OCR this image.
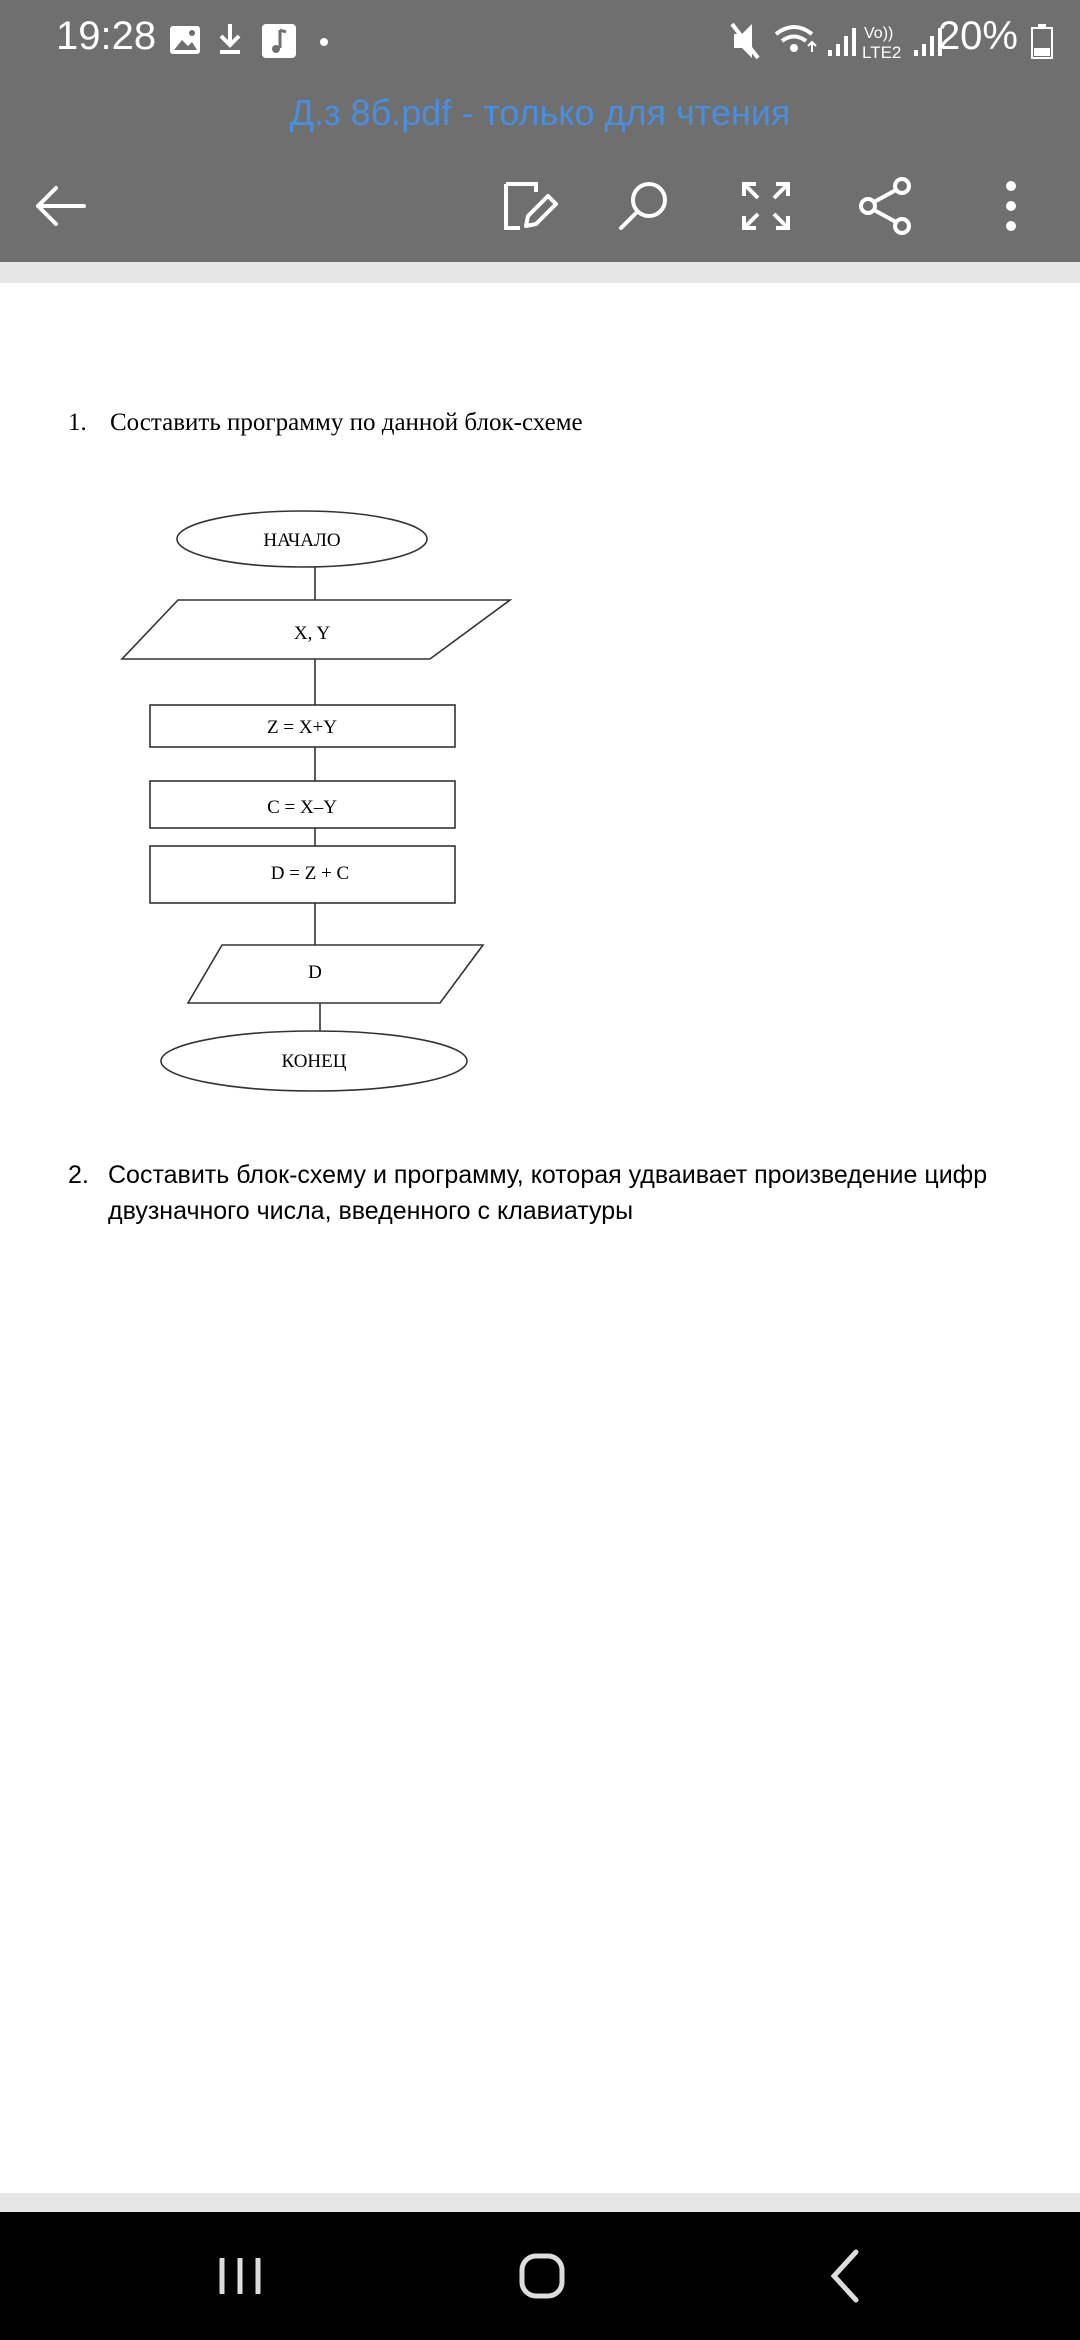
19:28	Vo))
LTE2 20%
Д.з 8б.pdf - только для чтения
1. Составить программу по данной блок-схеме
НАЧАЛО
X, Y
Z = X+Y
C = X–Y
D = Z + C
D
КОНЕЦ
2. Составить блок-схему и программу, которая удваивает произведение цифр двузначного числа, введенного с клавиатуры
